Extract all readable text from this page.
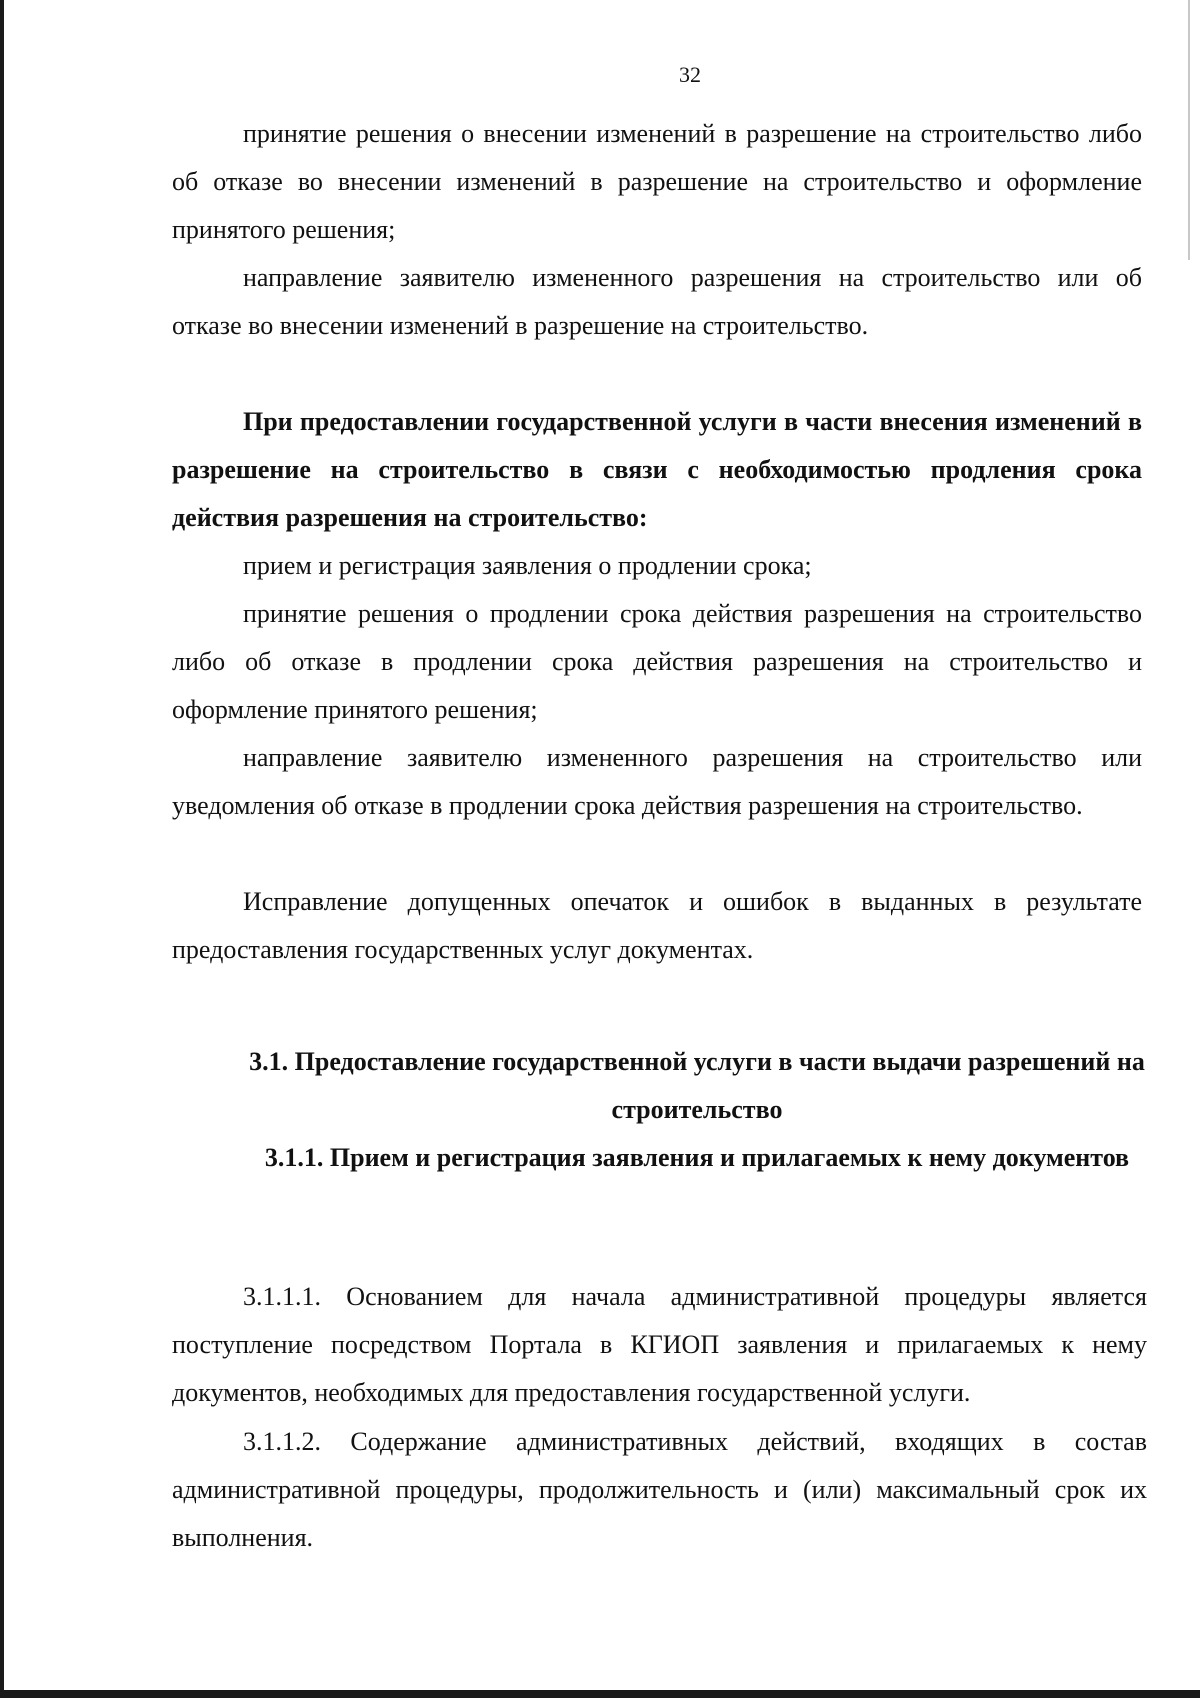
32

принятие решения о внесении изменений в разрешение на строительство либо об отказе во внесении изменений в разрешение на строительство и оформление принятого решения;

направление заявителю измененного разрешения на строительство или об отказе во внесении изменений в разрешение на строительство.

При предоставлении государственной услуги в части внесения изменений в разрешение на строительство в связи с необходимостью продления срока действия разрешения на строительство:

прием и регистрация заявления о продлении срока;

принятие решения о продлении срока действия разрешения на строительство либо об отказе в продлении срока действия разрешения на строительство и оформление принятого решения;

направление заявителю измененного разрешения на строительство или уведомления об отказе в продлении срока действия разрешения на строительство.

Исправление допущенных опечаток и ошибок в выданных в результате предоставления государственных услуг документах.

3.1. Предоставление государственной услуги в части выдачи разрешений на строительство
3.1.1. Прием и регистрация заявления и прилагаемых к нему документов

3.1.1.1. Основанием для начала административной процедуры является поступление посредством Портала в КГИОП заявления и прилагаемых к нему документов, необходимых для предоставления государственной услуги.

3.1.1.2. Содержание административных действий, входящих в состав административной процедуры, продолжительность и (или) максимальный срок их выполнения.
